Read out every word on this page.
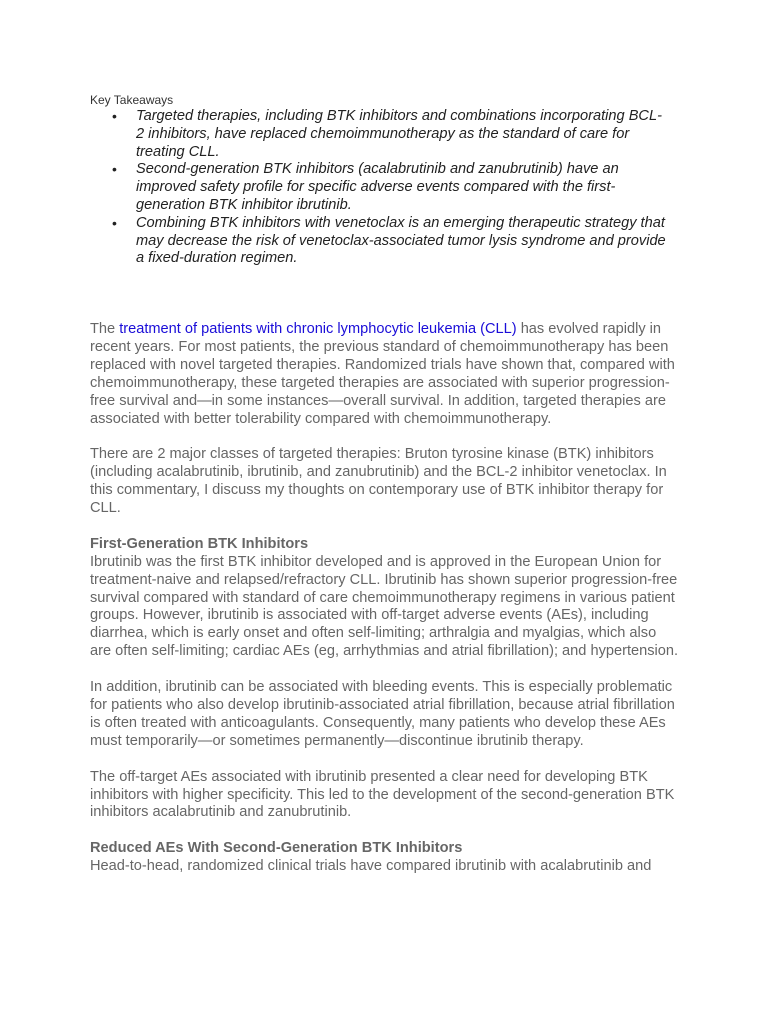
Key Takeaways
• Targeted therapies, including BTK inhibitors and combinations incorporating BCL-2 inhibitors, have replaced chemoimmunotherapy as the standard of care for treating CLL.
• Second-generation BTK inhibitors (acalabrutinib and zanubrutinib) have an improved safety profile for specific adverse events compared with the first-generation BTK inhibitor ibrutinib.
• Combining BTK inhibitors with venetoclax is an emerging therapeutic strategy that may decrease the risk of venetoclax-associated tumor lysis syndrome and provide a fixed-duration regimen.

The treatment of patients with chronic lymphocytic leukemia (CLL) has evolved rapidly in recent years. For most patients, the previous standard of chemoimmunotherapy has been replaced with novel targeted therapies. Randomized trials have shown that, compared with chemoimmunotherapy, these targeted therapies are associated with superior progression-free survival and—in some instances—overall survival. In addition, targeted therapies are associated with better tolerability compared with chemoimmunotherapy.

There are 2 major classes of targeted therapies: Bruton tyrosine kinase (BTK) inhibitors (including acalabrutinib, ibrutinib, and zanubrutinib) and the BCL-2 inhibitor venetoclax. In this commentary, I discuss my thoughts on contemporary use of BTK inhibitor therapy for CLL.

First-Generation BTK Inhibitors

Ibrutinib was the first BTK inhibitor developed and is approved in the European Union for treatment-naive and relapsed/refractory CLL. Ibrutinib has shown superior progression-free survival compared with standard of care chemoimmunotherapy regimens in various patient groups. However, ibrutinib is associated with off-target adverse events (AEs), including diarrhea, which is early onset and often self-limiting; arthralgia and myalgias, which also are often self-limiting; cardiac AEs (eg, arrhythmias and atrial fibrillation); and hypertension.

In addition, ibrutinib can be associated with bleeding events. This is especially problematic for patients who also develop ibrutinib-associated atrial fibrillation, because atrial fibrillation is often treated with anticoagulants. Consequently, many patients who develop these AEs must temporarily—or sometimes permanently—discontinue ibrutinib therapy.

The off-target AEs associated with ibrutinib presented a clear need for developing BTK inhibitors with higher specificity. This led to the development of the second-generation BTK inhibitors acalabrutinib and zanubrutinib.

Reduced AEs With Second-Generation BTK Inhibitors

Head-to-head, randomized clinical trials have compared ibrutinib with acalabrutinib and
